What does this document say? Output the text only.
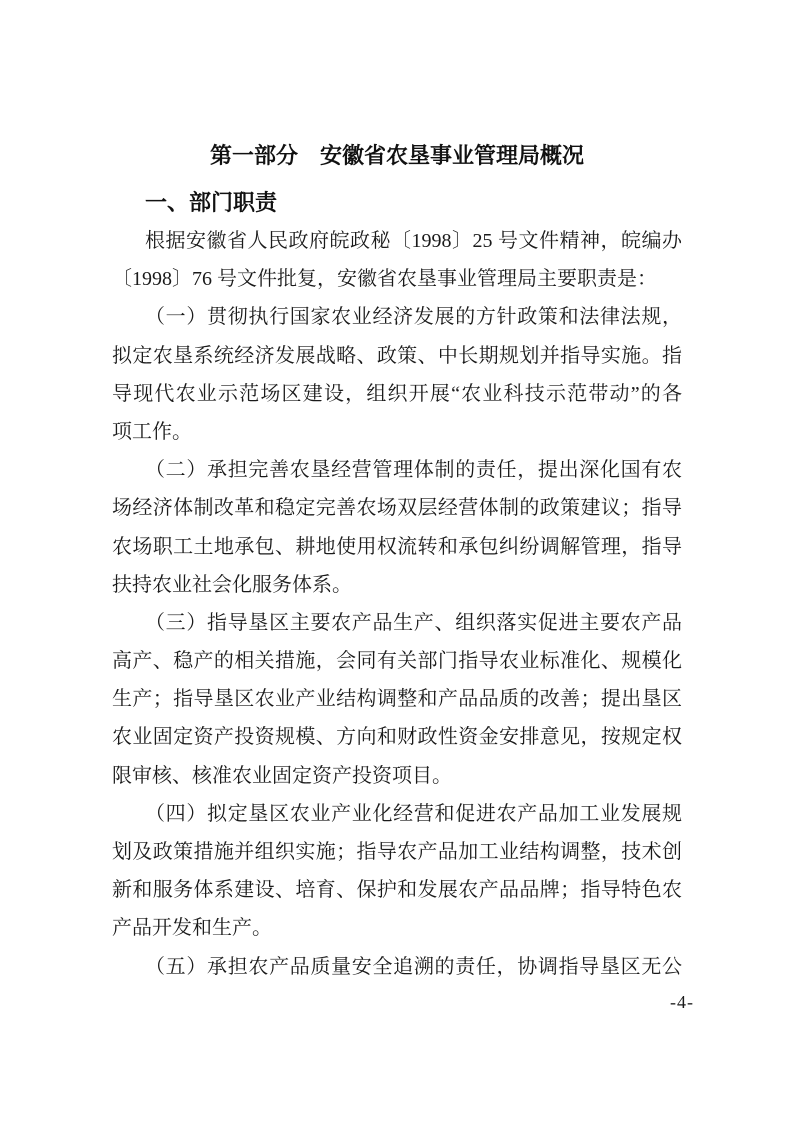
第一部分　安徽省农垦事业管理局概况
一、部门职责
根据安徽省人民政府皖政秘〔1998〕25 号文件精神，皖编办
〔1998〕76 号文件批复，安徽省农垦事业管理局主要职责是：
（一）贯彻执行国家农业经济发展的方针政策和法律法规，
拟定农垦系统经济发展战略、政策、中长期规划并指导实施。指
导现代农业示范场区建设，组织开展“农业科技示范带动”的各
项工作。
（二）承担完善农垦经营管理体制的责任，提出深化国有农
场经济体制改革和稳定完善农场双层经营体制的政策建议；指导
农场职工土地承包、耕地使用权流转和承包纠纷调解管理，指导
扶持农业社会化服务体系。
（三）指导垦区主要农产品生产、组织落实促进主要农产品
高产、稳产的相关措施，会同有关部门指导农业标准化、规模化
生产；指导垦区农业产业结构调整和产品品质的改善；提出垦区
农业固定资产投资规模、方向和财政性资金安排意见，按规定权
限审核、核准农业固定资产投资项目。
（四）拟定垦区农业产业化经营和促进农产品加工业发展规
划及政策措施并组织实施；指导农产品加工业结构调整，技术创
新和服务体系建设、培育、保护和发展农产品品牌；指导特色农
产品开发和生产。
（五）承担农产品质量安全追溯的责任，协调指导垦区无公
-4-
